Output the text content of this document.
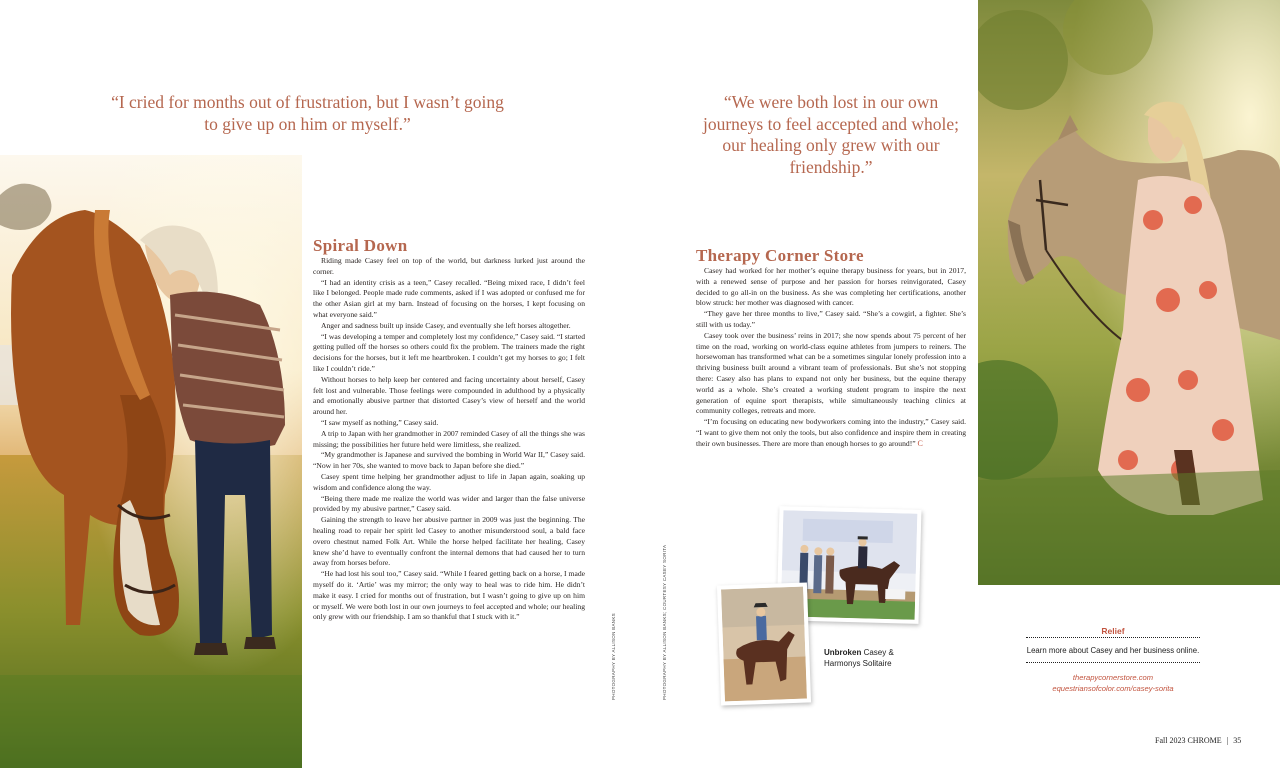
“I cried for months out of frustration, but I wasn’t going to give up on him or myself.”
Spiral Down

Riding made Casey feel on top of the world, but darkness lurked just around the corner.

“I had an identity crisis as a teen,” Casey recalled. “Being mixed race, I didn’t feel like I belonged. People made rude comments, asked if I was adopted or confused me for the other Asian girl at my barn. Instead of focusing on the horses, I kept focusing on what everyone said.”

Anger and sadness built up inside Casey, and eventually she left horses altogether.

“I was developing a temper and completely lost my confidence,” Casey said. “I started getting pulled off the horses so others could fix the problem. The trainers made the right decisions for the horses, but it left me heartbroken. I couldn’t get my horses to go; I felt like I couldn’t ride.”

Without horses to help keep her centered and facing uncertainty about herself, Casey felt lost and vulnerable. Those feelings were compounded in adulthood by a physically and emotionally abusive partner that distorted Casey’s view of herself and the world around her.

“I saw myself as nothing,” Casey said.

A trip to Japan with her grandmother in 2007 reminded Casey of all the things she was missing; the possibilities her future held were limitless, she realized.

“My grandmother is Japanese and survived the bombing in World War II,” Casey said. “Now in her 70s, she wanted to move back to Japan before she died.”

Casey spent time helping her grandmother adjust to life in Japan again, soaking up wisdom and confidence along the way.

“Being there made me realize the world was wider and larger than the false universe provided by my abusive partner,” Casey said.

Gaining the strength to leave her abusive partner in 2009 was just the beginning. The healing road to repair her spirit led Casey to another misunderstood soul, a bald face overo chestnut named Folk Art. While the horse helped facilitate her healing, Casey knew she’d have to eventually confront the internal demons that had caused her to turn away from horses before.

“He had lost his soul too,” Casey said. “While I feared getting back on a horse, I made myself do it. ‘Artie’ was my mirror; the only way to heal was to ride him. He didn’t make it easy. I cried for months out of frustration, but I wasn’t going to give up on him or myself. We were both lost in our own journeys to feel accepted and whole; our healing only grew with our friendship. I am so thankful that I stuck with it.”	PHOTOGRAPHY BY ALLISON BANKS	PHOTOGRAPHY BY ALLISON BANKS; COURTESY CASEY SORITA
“We were both lost in our own journeys to feel accepted and whole; our healing only grew with our friendship.”
Therapy Corner Store

Casey had worked for her mother’s equine therapy business for years, but in 2017, with a renewed sense of purpose and her passion for horses reinvigorated, Casey decided to go all-in on the business. As she was completing her certifications, another blow struck: her mother was diagnosed with cancer.

“They gave her three months to live,” Casey said. “She’s a cowgirl, a fighter. She’s still with us today.”

Casey took over the business’ reins in 2017; she now spends about 75 percent of her time on the road, working on world-class equine athletes from jumpers to reiners. The horsewoman has transformed what can be a sometimes singular lonely profession into a thriving business built around a vibrant team of professionals. But she’s not stopping there: Casey also has plans to expand not only her business, but the equine therapy world as a whole. She’s created a working student program to inspire the next generation of equine sport therapists, while simultaneously teaching clinics at community colleges, retreats and more.

“I’m focusing on educating new bodyworkers coming into the industry,” Casey said. “I want to give them not only the tools, but also confidence and inspire them in creating their own businesses. There are more than enough horses to go around!” C

Unbroken Casey & Harmonys Solitaire
Relief
Learn more about Casey and her business online.
therapycornerstore.com
equestriansofcolor.com/casey-sorita
Fall 2023 CHROME | 35
